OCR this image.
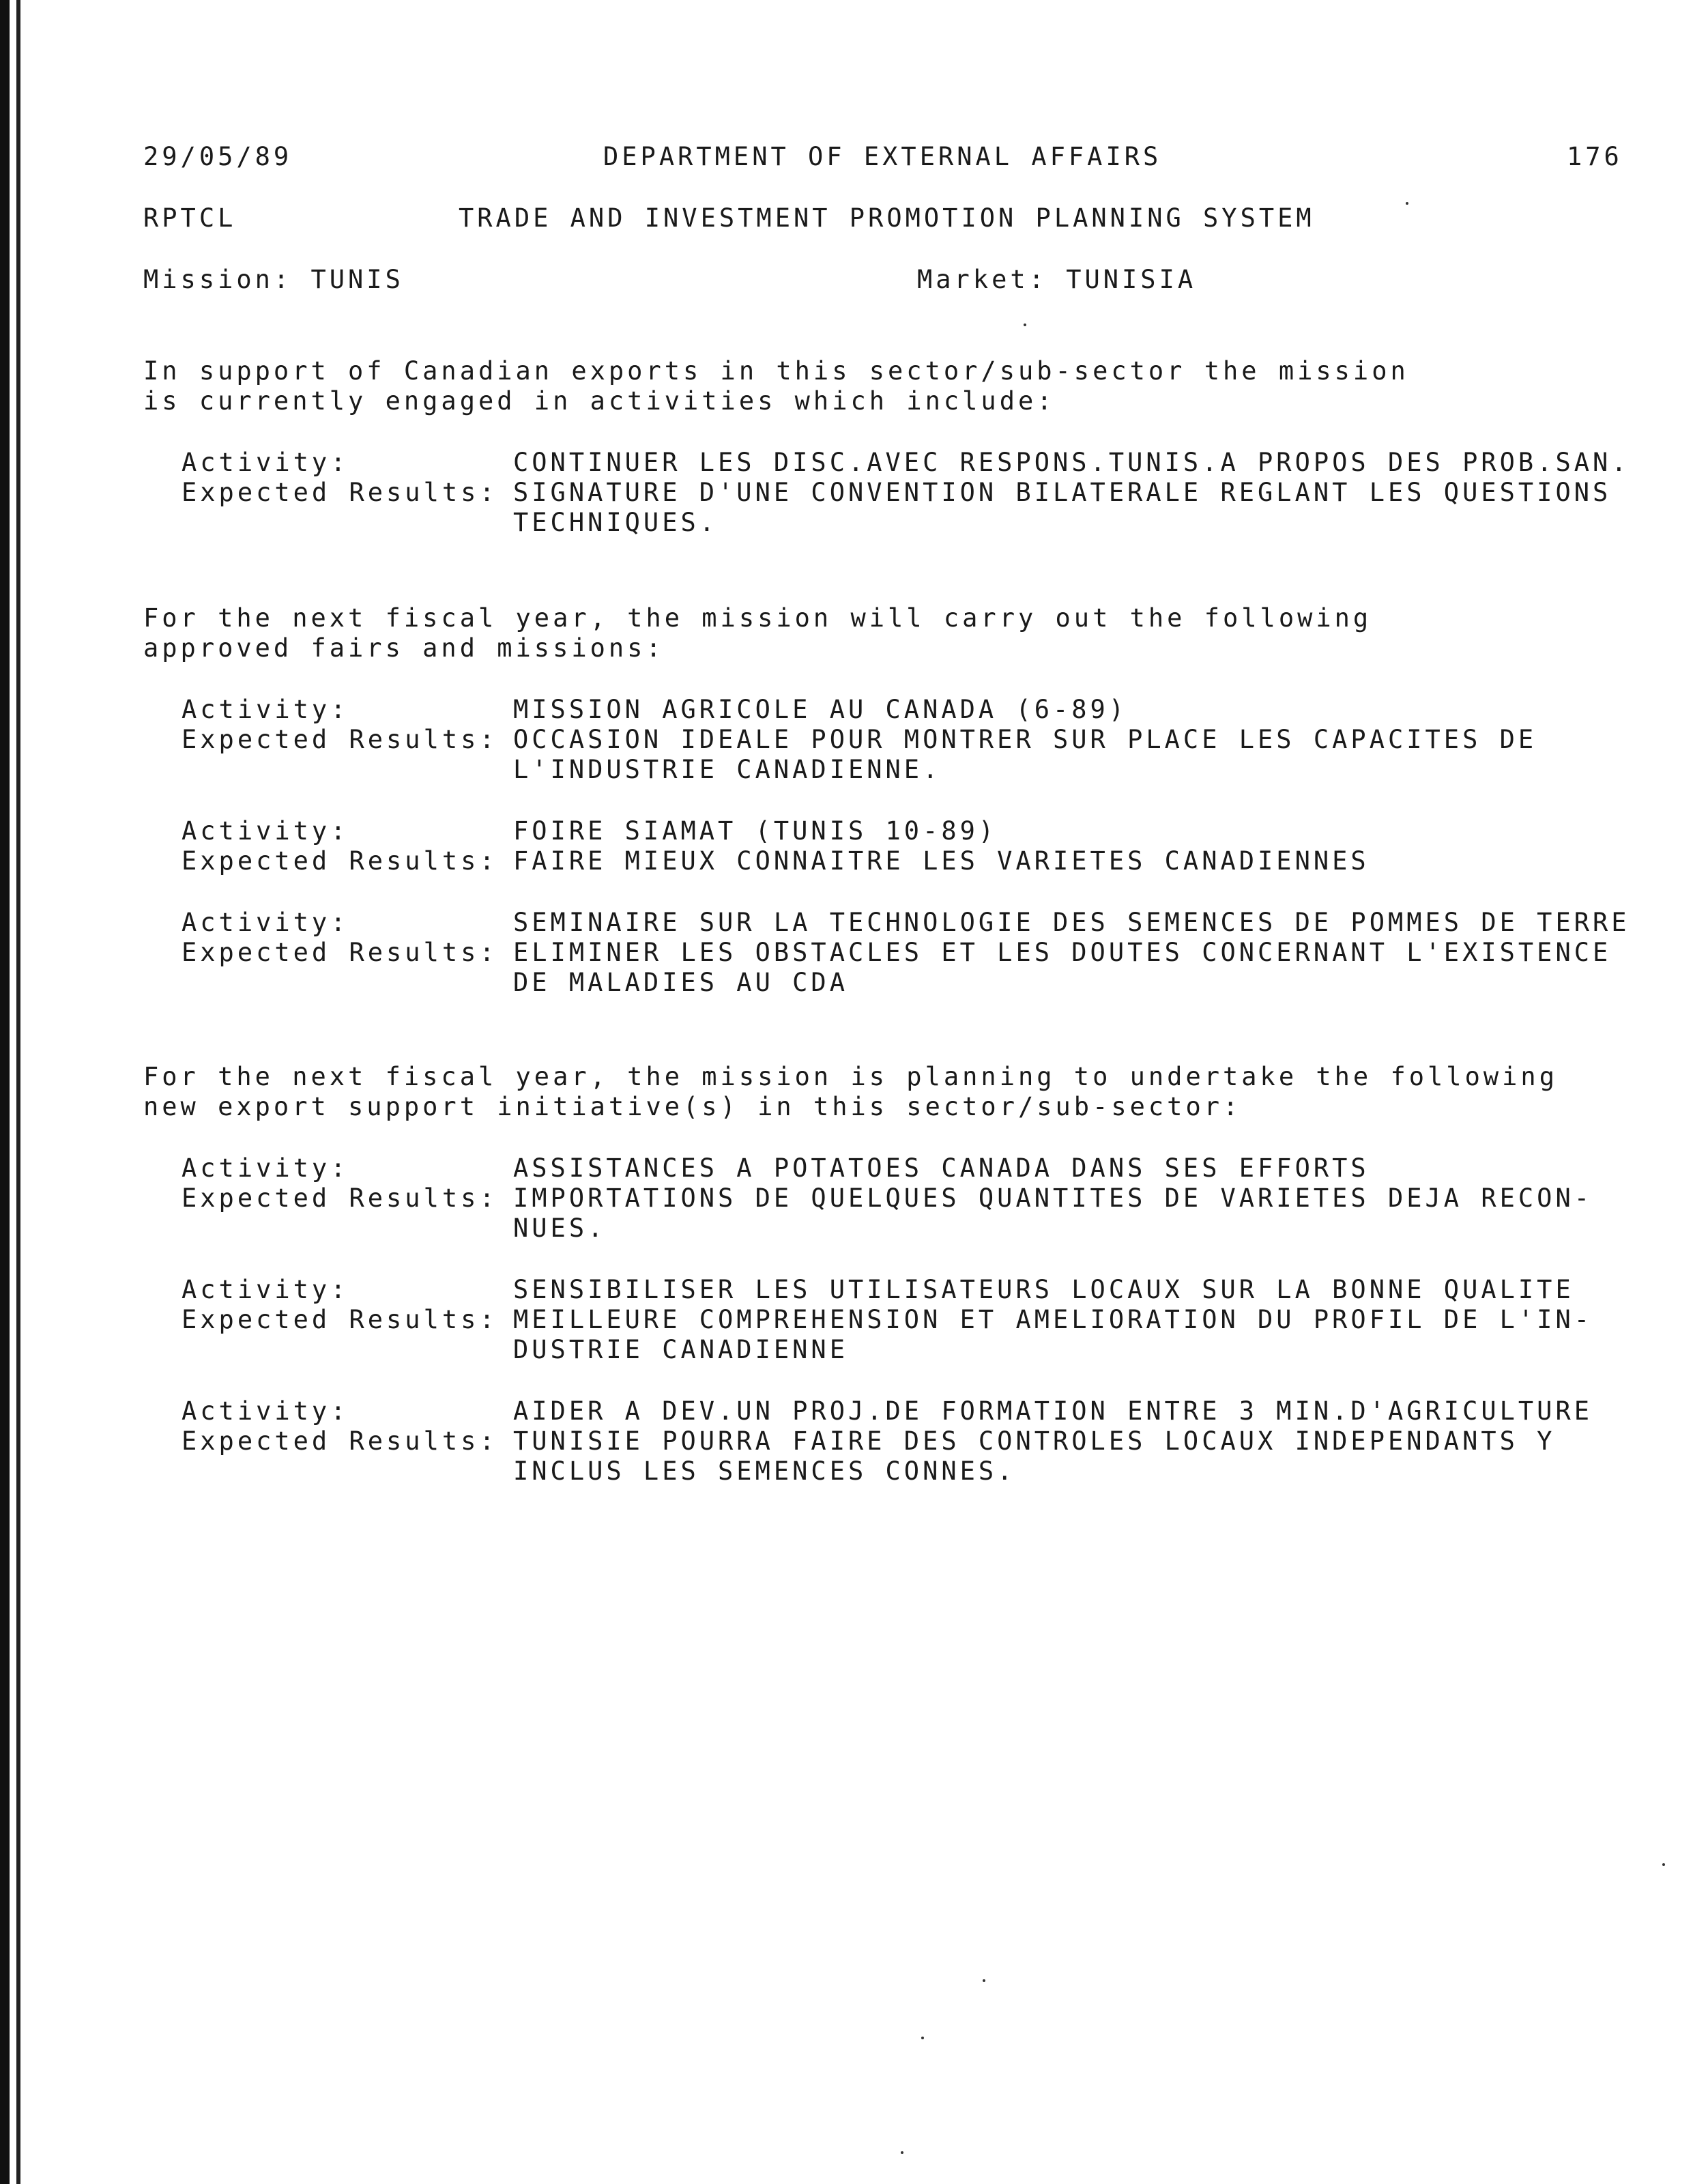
29/05/89	DEPARTMENT OF EXTERNAL AFFAIRS	176
RPTCL	TRADE AND INVESTMENT PROMOTION PLANNING SYSTEM
Mission: TUNIS	Market: TUNISIA
In support of Canadian exports in this sector/sub-sector the mission
is currently engaged in activities which include:
Activity:	CONTINUER LES DISC.AVEC RESPONS.TUNIS.A PROPOS DES PROB.SAN.
Expected Results: SIGNATURE D'UNE CONVENTION BILATERALE REGLANT LES QUESTIONS
TECHNIQUES.
For the next fiscal year, the mission will carry out the following
approved fairs and missions:
Activity:	MISSION AGRICOLE AU CANADA (6-89)
Expected Results: OCCASION IDEALE POUR MONTRER SUR PLACE LES CAPACITES DE
L'INDUSTRIE CANADIENNE.
Activity:	FOIRE SIAMAT (TUNIS 10-89)
Expected Results: FAIRE MIEUX CONNAITRE LES VARIETES CANADIENNES
Activity:	SEMINAIRE SUR LA TECHNOLOGIE DES SEMENCES DE POMMES DE TERRE
Expected Results: ELIMINER LES OBSTACLES ET LES DOUTES CONCERNANT L'EXISTENCE
DE MALADIES AU CDA
For the next fiscal year, the mission is planning to undertake the following
new export support initiative(s) in this sector/sub-sector:
Activity:	ASSISTANCES A POTATOES CANADA DANS SES EFFORTS
Expected Results: IMPORTATIONS DE QUELQUES QUANTITES DE VARIETES DEJA RECON-
NUES.
Activity:	SENSIBILISER LES UTILISATEURS LOCAUX SUR LA BONNE QUALITE
Expected Results: MEILLEURE COMPREHENSION ET AMELIORATION DU PROFIL DE L'IN-
DUSTRIE CANADIENNE
Activity:	AIDER A DEV.UN PROJ.DE FORMATION ENTRE 3 MIN.D'AGRICULTURE
Expected Results: TUNISIE POURRA FAIRE DES CONTROLES LOCAUX INDEPENDANTS Y
INCLUS LES SEMENCES CONNES.
